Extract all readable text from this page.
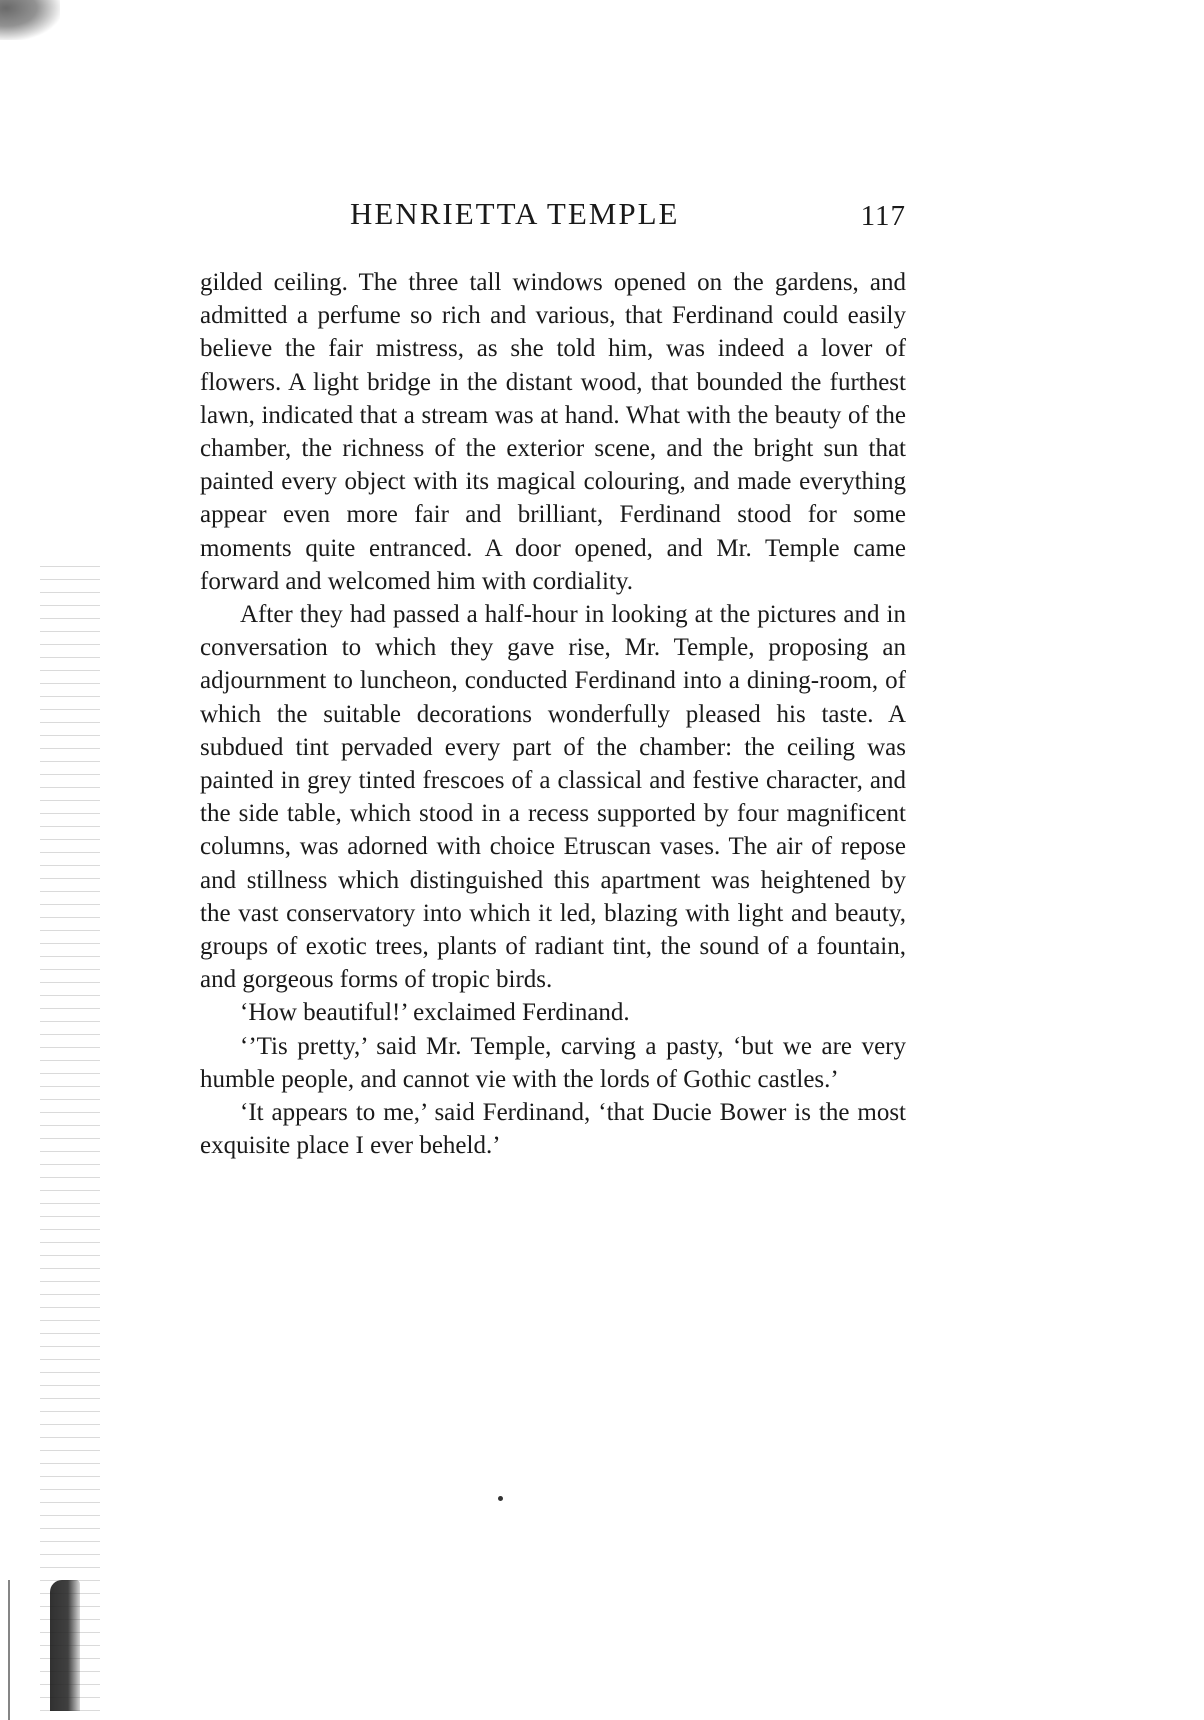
HENRIETTA TEMPLE	117

gilded ceiling. The three tall windows opened on the gardens, and admitted a perfume so rich and various, that Ferdinand could easily believe the fair mistress, as she told him, was indeed a lover of flowers. A light bridge in the distant wood, that bounded the furthest lawn, indicated that a stream was at hand. What with the beauty of the chamber, the richness of the exterior scene, and the bright sun that painted every object with its magical colouring, and made everything appear even more fair and brilliant, Ferdinand stood for some moments quite entranced. A door opened, and Mr. Temple came forward and welcomed him with cordiality.

After they had passed a half-hour in looking at the pictures and in conversation to which they gave rise, Mr. Temple, proposing an adjournment to luncheon, conducted Ferdinand into a dining-room, of which the suitable decorations wonderfully pleased his taste. A subdued tint pervaded every part of the chamber: the ceiling was painted in grey tinted frescoes of a classical and festive character, and the side table, which stood in a recess supported by four magnificent columns, was adorned with choice Etruscan vases. The air of repose and stillness which distinguished this apartment was heightened by the vast conservatory into which it led, blazing with light and beauty, groups of exotic trees, plants of radiant tint, the sound of a fountain, and gorgeous forms of tropic birds.

‘How beautiful!’ exclaimed Ferdinand.

‘’Tis pretty,’ said Mr. Temple, carving a pasty, ‘but we are very humble people, and cannot vie with the lords of Gothic castles.’

‘It appears to me,’ said Ferdinand, ‘that Ducie Bower is the most exquisite place I ever beheld.’
